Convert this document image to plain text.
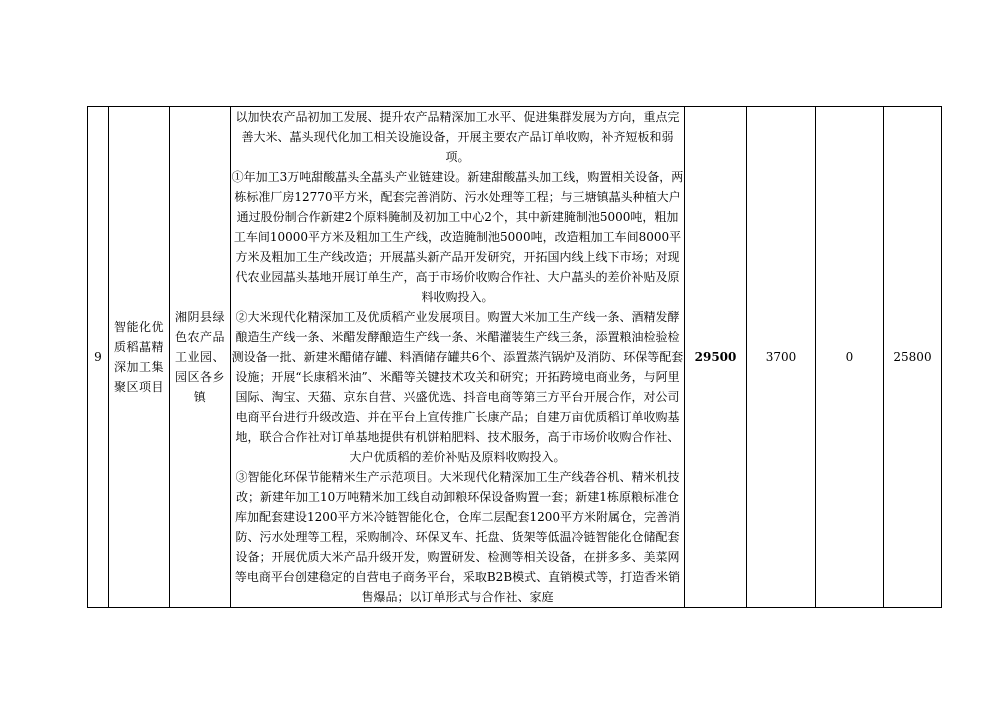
9	智能化优质稻蕌精深加工集聚区项目	湘阴县绿色农产品工业园、园区各乡镇	

以加快农产品初加工发展、提升农产品精深加工水平、促进集群发展为方向，重点完善大米、蕌头现代化加工相关设施设备，开展主要农产品订单收购，补齐短板和弱项。

①年加工3万吨甜酸蕌头全蕌头产业链建设。新建甜酸蕌头加工线，购置相关设备，两栋标准厂房12770平方米，配套完善消防、污水处理等工程；与三塘镇蕌头种植大户通过股份制合作新建2个原料腌制及初加工中心2个，其中新建腌制池5000吨，粗加工车间10000平方米及粗加工生产线，改造腌制池5000吨，改造粗加工车间8000平方米及粗加工生产线改造；开展蕌头新产品开发研究，开拓国内线上线下市场；对现代农业园蕌头基地开展订单生产，高于市场价收购合作社、大户蕌头的差价补贴及原料收购投入。

②大米现代化精深加工及优质稻产业发展项目。购置大米加工生产线一条、酒精发酵酿造生产线一条、米醋发酵酿造生产线一条、米醋灌装生产线三条，添置粮油检验检测设备一批、新建米醋储存罐、料酒储存罐共6个、添置蒸汽锅炉及消防、环保等配套设施；开展“长康稻米油”、米醋等关键技术攻关和研究；开拓跨境电商业务，与阿里国际、淘宝、天猫、京东自营、兴盛优选、抖音电商等第三方平台开展合作，对公司电商平台进行升级改造、并在平台上宣传推广长康产品；自建万亩优质稻订单收购基地，联合合作社对订单基地提供有机饼粕肥料、技术服务，高于市场价收购合作社、大户优质稻的差价补贴及原料收购投入。

③智能化环保节能精米生产示范项目。大米现代化精深加工生产线砻谷机、精米机技改；新建年加工10万吨精米加工线自动卸粮环保设备购置一套；新建1栋原粮标准仓库加配套建设1200平方米冷链智能化仓，仓库二层配套1200平方米附属仓，完善消防、污水处理等工程，采购制冷、环保叉车、托盘、货架等低温冷链智能化仓储配套设备；开展优质大米产品升级开发，购置研发、检测等相关设备，在拼多多、美菜网等电商平台创建稳定的自营电子商务平台，采取B2B模式、直销模式等，打造香米销售爆品；以订单形式与合作社、家庭

	29500	3700	0	25800
